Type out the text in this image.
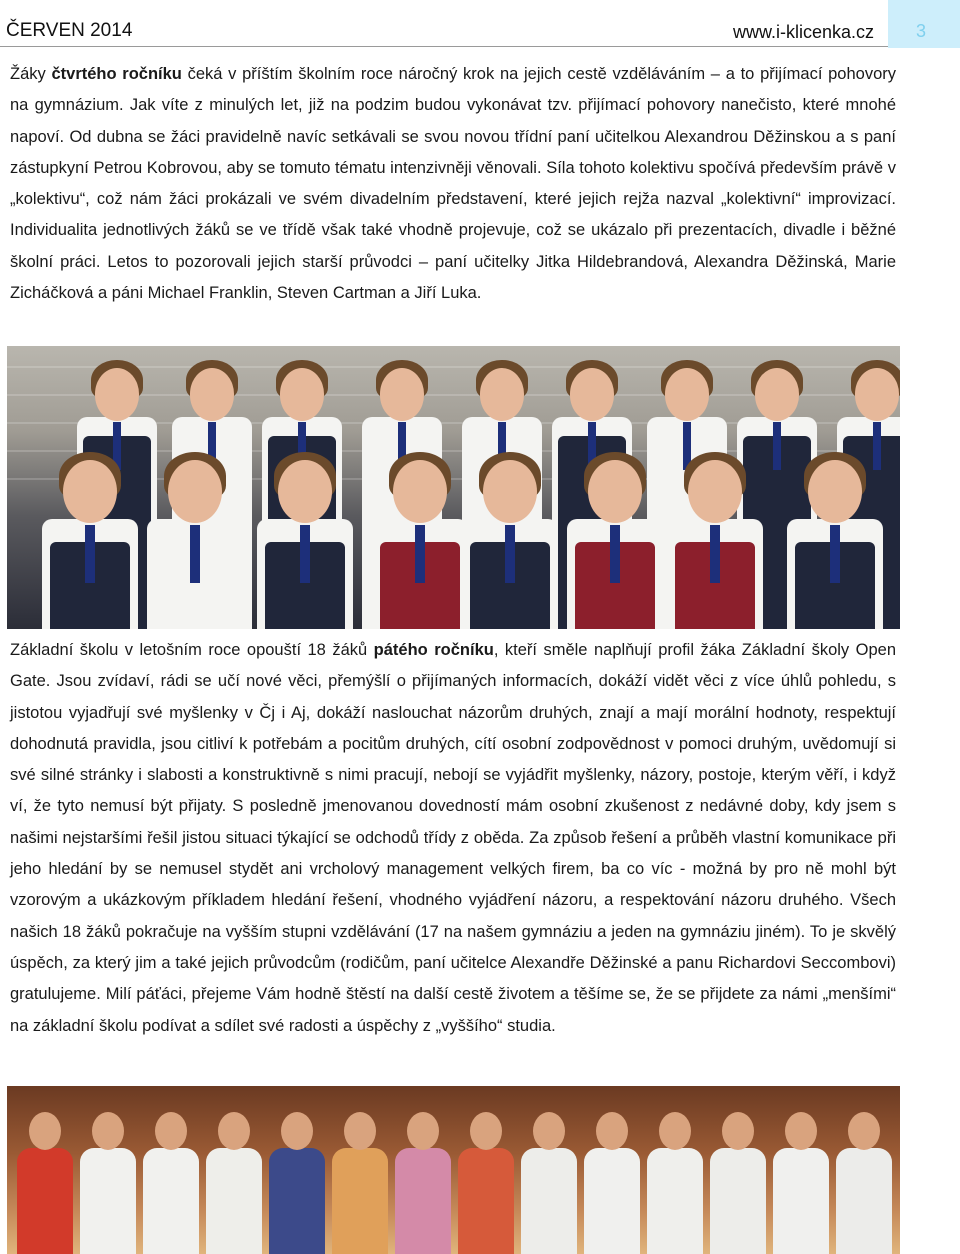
ČERVEN 2014	www.i-klicenka.cz	3

Žáky čtvrtého ročníku čeká v příštím školním roce náročný krok na jejich cestě vzděláváním – a to přijímací pohovory na gymnázium. Jak víte z minulých let, již na podzim budou vykonávat tzv. přijímací pohovory nanečisto, které mnohé napoví. Od dubna se žáci pravidelně navíc setkávali se svou novou třídní paní učitelkou Alexandrou Děžinskou a s paní zástupkyní Petrou Kobrovou, aby se tomuto tématu intenzivněji věnovali. Síla tohoto kolektivu spočívá především právě v „kolektivu“, což nám žáci prokázali ve svém divadelním představení, které jejich rejža nazval „kolektivní“ improvizací. Individualita jednotlivých žáků se ve třídě však také vhodně projevuje, což se ukázalo při prezentacích, divadle i běžné školní práci. Letos to pozorovali jejich starší průvodci – paní učitelky Jitka Hildebrandová, Alexandra Děžinská, Marie Zicháčková a páni Michael Franklin, Steven Cartman a Jiří Luka.

Základní školu v letošním roce opouští 18 žáků pátého ročníku, kteří směle naplňují profil žáka Základní školy Open Gate. Jsou zvídaví, rádi se učí nové věci, přemýšlí o přijímaných informacích, dokáží vidět věci z více úhlů pohledu, s jistotou vyjadřují své myšlenky v Čj i Aj, dokáží naslouchat názorům druhých, znají a mají morální hodnoty, respektují dohodnutá pravidla, jsou citliví k potřebám a pocitům druhých, cítí osobní zodpovědnost v pomoci druhým, uvědomují si své silné stránky i slabosti a konstruktivně s nimi pracují, nebojí se vyjádřit myšlenky, názory, postoje, kterým věří, i když ví, že tyto nemusí být přijaty. S posledně jmenovanou dovedností mám osobní zkušenost z nedávné doby, kdy jsem s našimi nejstaršími řešil jistou situaci týkající se odchodů třídy z oběda. Za způsob řešení a průběh vlastní komunikace při jeho hledání by se nemusel stydět ani vrcholový management velkých firem, ba co víc - možná by pro ně mohl být vzorovým a ukázkovým příkladem hledání řešení, vhodného vyjádření názoru, a respektování názoru druhého. Všech našich 18 žáků pokračuje na vyšším stupni vzdělávání (17 na našem gymnáziu a jeden na gymnáziu jiném). To je skvělý úspěch, za který jim a také jejich průvodcům (rodičům, paní učitelce Alexandře Děžinské a panu Richardovi Seccombovi) gratulujeme. Milí páťáci, přejeme Vám hodně štěstí na další cestě životem a těšíme se, že se přijdete za námi „menšími“ na základní školu podívat a sdílet své radosti a úspěchy z „vyššího“ studia.
